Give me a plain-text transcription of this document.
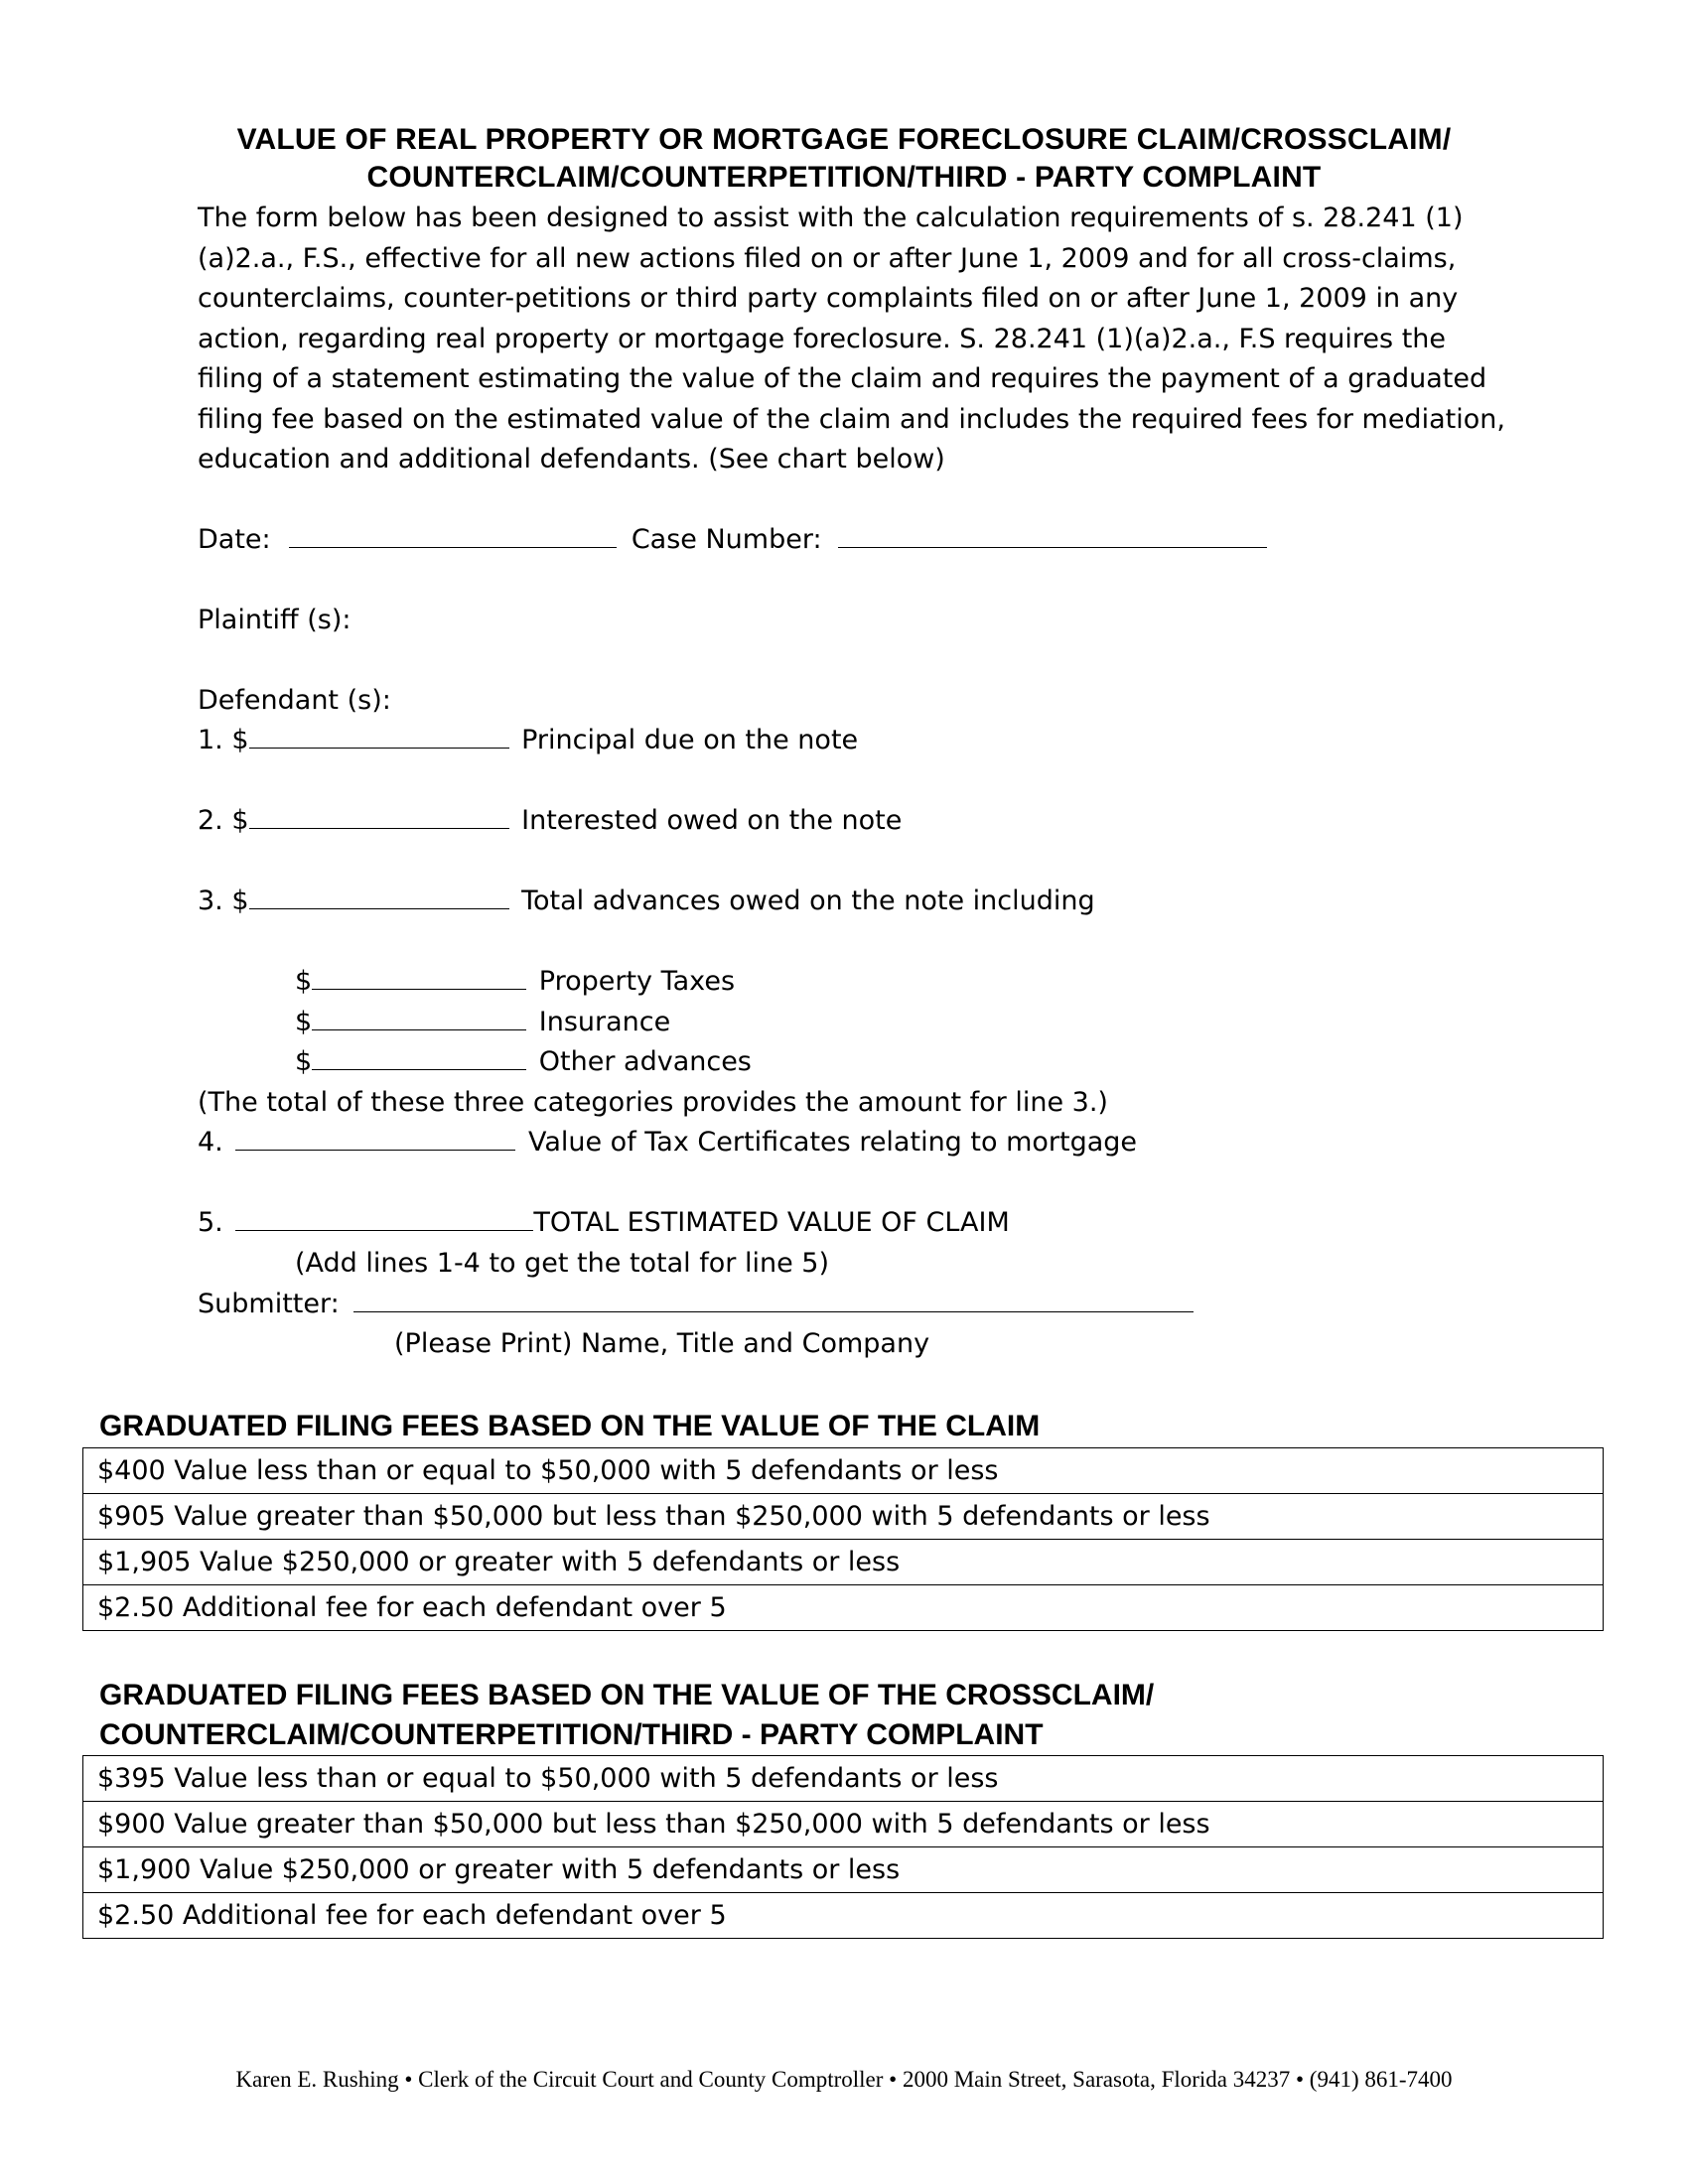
VALUE OF REAL PROPERTY OR MORTGAGE FORECLOSURE CLAIM/CROSSCLAIM/
COUNTERCLAIM/COUNTERPETITION/THIRD - PARTY COMPLAINT
The form below has been designed to assist with the calculation requirements of s. 28.241 (1)(a)2.a., F.S., effective for all new actions filed on or after June 1, 2009 and for all cross-claims, counterclaims, counter-petitions or third party complaints filed on or after June 1, 2009 in any action, regarding real property or mortgage foreclosure. S. 28.241 (1)(a)2.a., F.S requires the filing of a statement estimating the value of the claim and requires the payment of a graduated filing fee based on the estimated value of the claim and includes the required fees for mediation, education and additional defendants. (See chart below)
Date:	Case Number:
Plaintiff (s):
Defendant (s):
1. $	Principal due on the note
2. $	Interested owed on the note
3. $	Total advances owed on the note including
$	Property Taxes
$	Insurance
$	Other advances
(The total of these three categories provides the amount for line 3.)
4.	Value of Tax Certificates relating to mortgage
5.	TOTAL ESTIMATED VALUE OF CLAIM
(Add lines 1-4 to get the total for line 5)
Submitter:
(Please Print) Name, Title and Company
GRADUATED FILING FEES BASED ON THE VALUE OF THE CLAIM
$400 Value less than or equal to $50,000 with 5 defendants or less
$905 Value greater than $50,000 but less than $250,000 with 5 defendants or less
$1,905 Value $250,000 or greater with 5 defendants or less
$2.50 Additional fee for each defendant over 5
GRADUATED FILING FEES BASED ON THE VALUE OF THE CROSSCLAIM/
COUNTERCLAIM/COUNTERPETITION/THIRD - PARTY COMPLAINT
$395 Value less than or equal to $50,000 with 5 defendants or less
$900 Value greater than $50,000 but less than $250,000 with 5 defendants or less
$1,900 Value $250,000 or greater with 5 defendants or less
$2.50 Additional fee for each defendant over 5
Karen E. Rushing • Clerk of the Circuit Court and County Comptroller • 2000 Main Street, Sarasota, Florida 34237 • (941) 861-7400
